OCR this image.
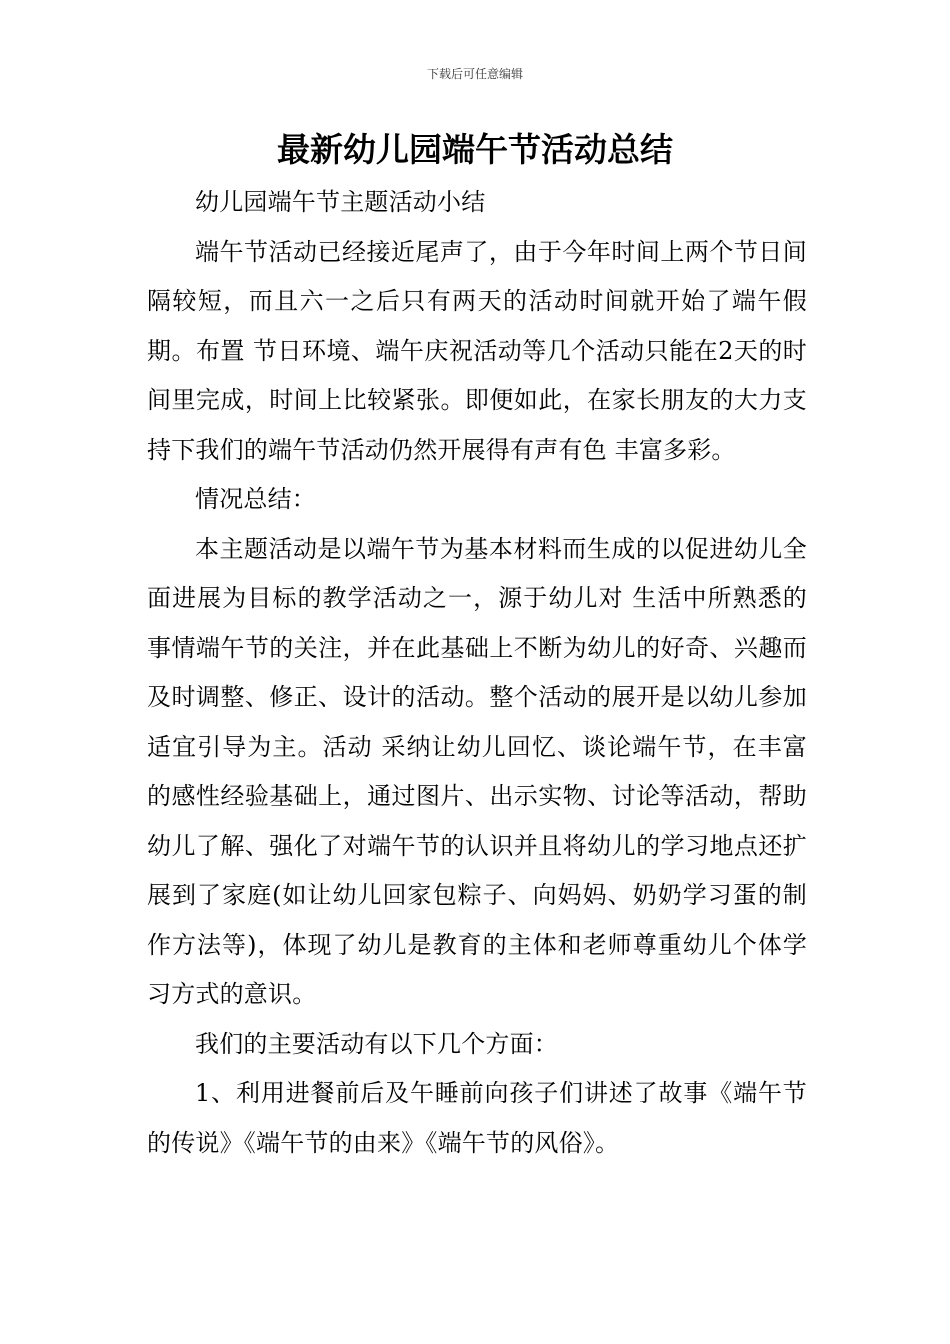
下载后可任意编辑
最新幼儿园端午节活动总结

幼儿园端午节主题活动小结

端午节活动已经接近尾声了，由于今年时间上两个节日间隔较短，而且六一之后只有两天的活动时间就开始了端午假期。布置 节日环境、端午庆祝活动等几个活动只能在2天的时间里完成，时间上比较紧张。即便如此，在家长朋友的大力支持下我们的端午节活动仍然开展得有声有色 丰富多彩。

情况总结：

本主题活动是以端午节为基本材料而生成的以促进幼儿全面进展为目标的教学活动之一，源于幼儿对 生活中所熟悉的事情端午节的关注，并在此基础上不断为幼儿的好奇、兴趣而及时调整、修正、设计的活动。整个活动的展开是以幼儿参加适宜引导为主。活动 采纳让幼儿回忆、谈论端午节，在丰富的感性经验基础上，通过图片、出示实物、讨论等活动，帮助幼儿了解、强化了对端午节的认识并且将幼儿的学习地点还扩 展到了家庭(如让幼儿回家包粽子、向妈妈、奶奶学习蛋的制作方法等)，体现了幼儿是教育的主体和老师尊重幼儿个体学习方式的意识。

我们的主要活动有以下几个方面：

1、利用进餐前后及午睡前向孩子们讲述了故事《端午节的传说》《端午节的由来》《端午节的风俗》。
